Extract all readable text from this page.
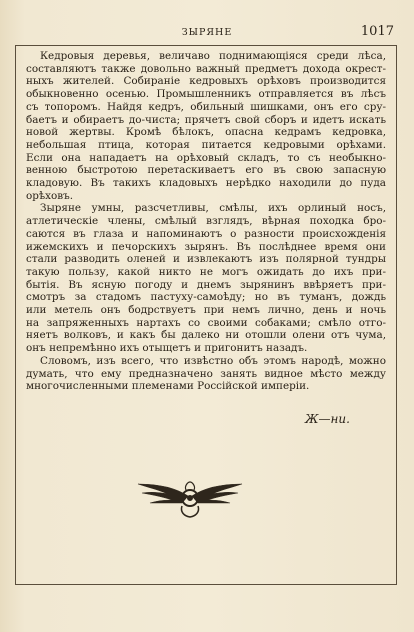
ЗЫРЯНЕ	1017

Кедровыя деревья, величаво поднимающіяся среди лѣса,
составляютъ также довольно важный предметъ дохода окрест-
ныхъ жителей. Собираніе кедровыхъ орѣховъ производится
обыкновенно осенью. Промышленникъ отправляется въ лѣсъ
съ топоромъ. Найдя кедръ, обильный шишками, онъ его сру-
баетъ и обираетъ до-чиста; прячетъ свой сборъ и идетъ искать
новой жертвы. Кромѣ бѣлокъ, опасна кедрамъ кедровка,
небольшая птица, которая питается кедровыми орѣхами.
Если она нападаетъ на орѣховый складъ, то съ необыкно-
венною быстротою перетаскиваетъ его въ свою запасную
кладовую. Въ такихъ кладовыхъ нерѣдко находили до пуда
орѣховъ.

Зыряне умны, разсчетливы, смѣлы, ихъ орлиный носъ,
атлетическіе члены, смѣлый взглядъ, вѣрная походка бро-
саются въ глаза и напоминаютъ о разности происхожденія
ижемскихъ и печорскихъ зырянъ. Въ послѣднее время они
стали разводить оленей и извлекаютъ изъ полярной тундры
такую пользу, какой никто не могъ ожидать до ихъ при-
бытія. Въ ясную погоду и днемъ зырянинъ ввѣряетъ при-
смотръ за стадомъ пастуху-самоѣду; но въ туманъ, дождь
или метель онъ бодрствуетъ при немъ лично, день и ночь
на запряженныхъ нартахъ со своими собаками; смѣло отго-
няетъ волковъ, и какъ бы далеко ни отошли олени отъ чума,
онъ непремѣнно ихъ отыщетъ и пригонитъ назадъ.

Словомъ, изъ всего, что извѣстно объ этомъ народѣ, можно
думать, что ему предназначено занять видное мѣсто между
многочисленными племенами Россійской имперіи.

Ж—ни.
